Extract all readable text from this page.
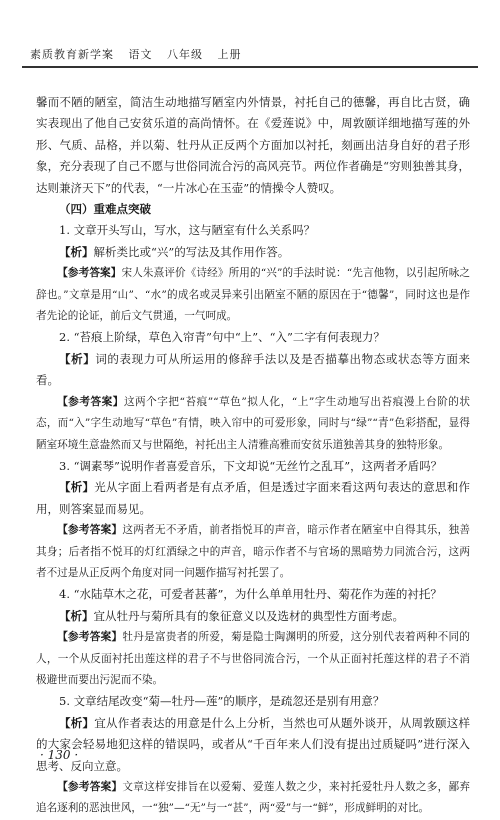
素质教育新学案 语文 八年级 上册

馨而不陋的陋室，简洁生动地描写陋室内外情景，衬托自己的德馨，再自比古贤，确实表现出了他自己安贫乐道的高尚情怀。在《爱莲说》中，周敦颐详细地描写莲的外形、气质、品格，并以菊、牡丹从正反两个方面加以衬托，刻画出洁身自好的君子形象，充分表现了自己不愿与世俗同流合污的高风亮节。两位作者确是“穷则独善其身，达则兼济天下”的代表，“一片冰心在玉壶”的情操令人赞叹。

（四）重难点突破

1. 文章开头写山，写水，这与陋室有什么关系吗？

【析】解析类比或“兴”的写法及其作用作答。

【参考答案】宋人朱熹评价《诗经》所用的“兴”的手法时说：“先言他物，以引起所咏之辞也。”文章是用“山”、“水”的成名或灵异来引出陋室不陋的原因在于“德馨”，同时这也是作者先论的论证，前后文气贯通，一气呵成。

2. “苔痕上阶绿，草色入帘青”句中“上”、“入”二字有何表现力？

【析】词的表现力可从所运用的修辞手法以及是否描摹出物态或状态等方面来看。

【参考答案】这两个字把“苔痕”“草色”拟人化，“上”字生动地写出苔痕漫上台阶的状态，而“入”字生动地写“草色”有情，映入帘中的可爱形象，同时与“绿”“青”色彩搭配，显得陋室环境生意盎然而又与世隔绝，衬托出主人清雅高雅而安贫乐道独善其身的独特形象。

3. “调素琴”说明作者喜爱音乐，下文却说“无丝竹之乱耳”，这两者矛盾吗？

【析】光从字面上看两者是有点矛盾，但是透过字面来看这两句表达的意思和作用，则答案显而易见。

【参考答案】这两者无不矛盾，前者指悦耳的声音，暗示作者在陋室中自得其乐，独善其身；后者指不悦耳的灯红酒绿之中的声音，暗示作者不与官场的黑暗势力同流合污，这两者不过是从正反两个角度对同一问题作描写衬托罢了。

4. “水陆草木之花，可爱者甚蕃”，为什么单单用牡丹、菊花作为莲的衬托？

【析】宜从牡丹与菊所具有的象征意义以及选材的典型性方面考虑。

【参考答案】牡丹是富贵者的所爱，菊是隐士陶渊明的所爱，这分别代表着两种不同的人，一个从反面衬托出莲这样的君子不与世俗同流合污，一个从正面衬托莲这样的君子不消极避世而要出污泥而不染。

5. 文章结尾改变“菊—牡丹—莲”的顺序，是疏忽还是别有用意？

【析】宜从作者表达的用意是什么上分析，当然也可从题外谈开，从周敦颐这样的大家会轻易地犯这样的错误吗，或者从“千百年来人们没有提出过质疑吗”进行深入思考、反向立意。

【参考答案】文章这样安排旨在以爱菊、爱莲人数之少，来衬托爱牡丹人数之多，鄙弃追名逐利的恶浊世风，一“独”—“无”与一“甚”，两“爱”与一“鲜”，形成鲜明的对比。

· 130 ·
